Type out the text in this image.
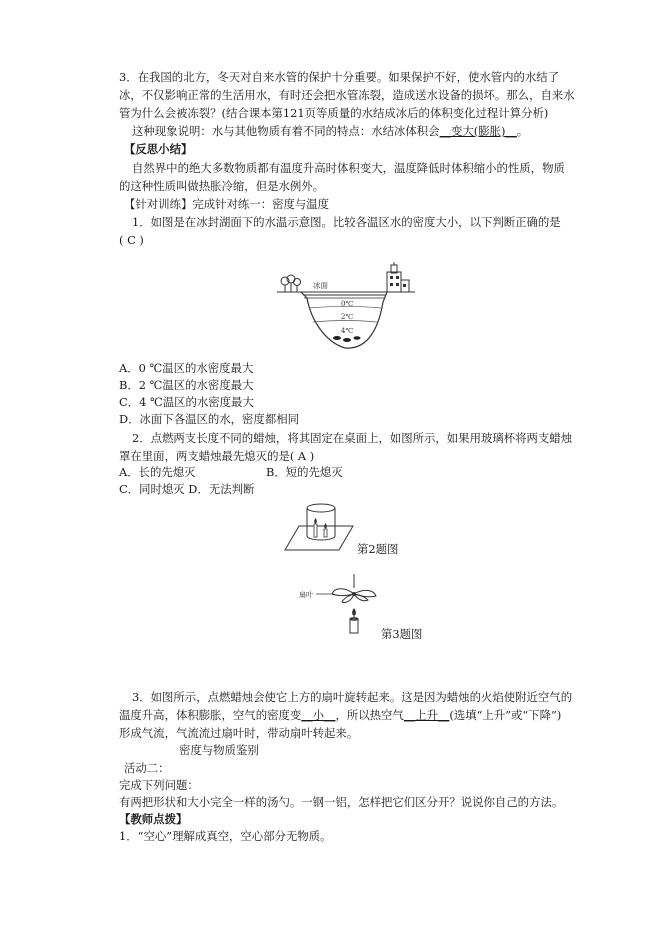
3．在我国的北方，冬天对自来水管的保护十分重要。如果保护不好，使水管内的水结了
冰，不仅影响正常的生活用水，有时还会把水管冻裂，造成送水设备的损坏。那么，自来水
管为什么会被冻裂？(结合课本第121页等质量的水结成冰后的体积变化过程计算分析)
这种现象说明：水与其他物质有着不同的特点：水结冰体积会__变大(膨胀)__。
【反思小结】
自然界中的绝大多数物质都有温度升高时体积变大，温度降低时体积缩小的性质，物质
的这种性质叫做热胀冷缩，但是水例外。
【针对训练】完成针对练一：密度与温度
1．如图是在冰封湖面下的水温示意图。比较各温区水的密度大小，以下判断正确的是
( C )
冰面
0℃
2℃
4℃
A．0 ℃温区的水密度最大
B．2 ℃温区的水密度最大
C．4 ℃温区的水密度最大
D．冰面下各温区的水，密度都相同
2．点燃两支长度不同的蜡烛，将其固定在桌面上，如图所示，如果用玻璃杯将两支蜡烛
罩在里面，两支蜡烛最先熄灭的是( A )
A．长的先熄灭	B．短的先熄灭
C．同时熄灭 D．无法判断
第2题图
扇叶
第3题图
3．如图所示，点燃蜡烛会使它上方的扇叶旋转起来。这是因为蜡烛的火焰使附近空气的
温度升高，体积膨胀，空气的密度变__小__，所以热空气__上升__(选填“上升”或“下降”)
形成气流，气流流过扇叶时，带动扇叶转起来。
密度与物质鉴别
活动二：
完成下列问题：
有两把形状和大小完全一样的汤勺。一钢一铝，怎样把它们区分开？说说你自己的方法。
【教师点拨】
1．“空心”理解成真空，空心部分无物质。
